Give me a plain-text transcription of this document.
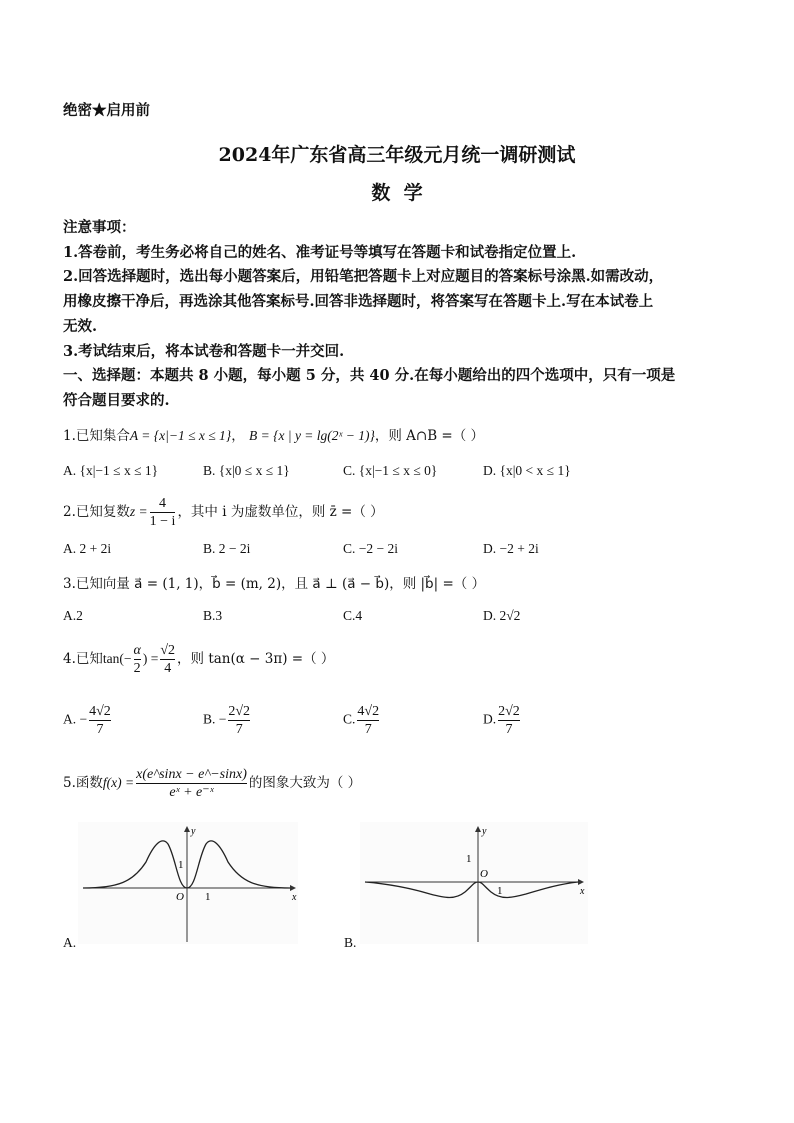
绝密★启用前
2024年广东省高三年级元月统一调研测试
数  学
注意事项：
1.答卷前，考生务必将自己的姓名、准考证号等填写在答题卡和试卷指定位置上.
2.回答选择题时，选出每小题答案后，用铅笔把答题卡上对应题目的答案标号涂黑.如需改动，
用橡皮擦干净后，再选涂其他答案标号.回答非选择题时，将答案写在答题卡上.写在本试卷上
无效.
3.考试结束后，将本试卷和答题卡一并交回.
一、选择题：本题共 8 小题，每小题 5 分，共 40 分.在每小题给出的四个选项中，只有一项是
符合题目要求的.
1.已知集合A = {x|−1 ≤ x ≤ 1}， B = {x | y = lg(2ˣ − 1)}，则 A∩B =（ ）
A. {x|−1 ≤ x ≤ 1}	B. {x|0 ≤ x ≤ 1}	C. {x|−1 ≤ x ≤ 0}	D. {x|0 < x ≤ 1}
2.已知复数$z = \frac{4}{1 - i}$ ，其中 i 为虚数单位，则 z̄ =（ ）
A. 2 + 2i	B. 2 − 2i	C. −2 − 2i	D. −2 + 2i
3.已知向量 a⃗ = (1, 1)，b⃗ = (m, 2)，且 a⃗ ⊥ (a⃗ − b⃗)，则 |b⃗| =（ ）
A.2	B.3	C.4	D. 2√2
4.已知$\tan(- \frac{\alpha}{2}$ ) = $\frac{√2}{4}$ ，则 tan(α − 3π) =（ ）
A. − $\frac{4√2}{7}$	B. − $\frac{2√2}{7}$	C. $\frac{4√2}{7}$	D. $\frac{2√2}{7}$
5.函数$f(x) = \frac{x(e\^{}\sin x - e\^{}-\sin x)}{\text{eˣ + e⁻ˣ}}$ 的图象大致为（ ）
x
y
O 1
1
A.
x
y
O
1
1
B.
